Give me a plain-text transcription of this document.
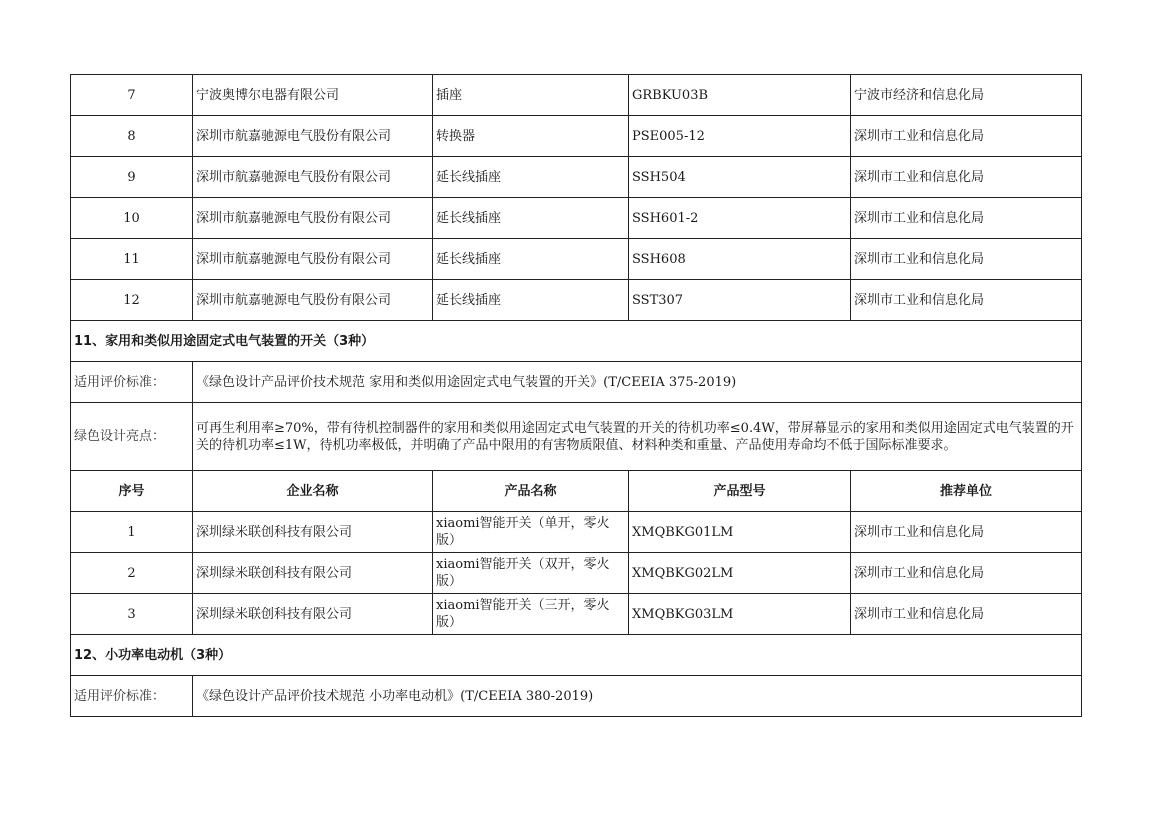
7	宁波奥博尔电器有限公司	插座	GRBKU03B	宁波市经济和信息化局
8	深圳市航嘉驰源电气股份有限公司	转换器	PSE005-12	深圳市工业和信息化局
9	深圳市航嘉驰源电气股份有限公司	延长线插座	SSH504	深圳市工业和信息化局
10	深圳市航嘉驰源电气股份有限公司	延长线插座	SSH601-2	深圳市工业和信息化局
11	深圳市航嘉驰源电气股份有限公司	延长线插座	SSH608	深圳市工业和信息化局
12	深圳市航嘉驰源电气股份有限公司	延长线插座	SST307	深圳市工业和信息化局
11、家用和类似用途固定式电气装置的开关（3种）				
适用评价标准：	《绿色设计产品评价技术规范 家用和类似用途固定式电气装置的开关》(T/CEEIA 375-2019)			
绿色设计亮点：	可再生利用率≥70%，带有待机控制器件的家用和类似用途固定式电气装置的开关的待机功率≤0.4W，带屏幕显示的家用和类似用途固定式电气装置的开关的待机功率≤1W，待机功率极低，并明确了产品中限用的有害物质限值、材料种类和重量、产品使用寿命均不低于国际标准要求。			
序号	企业名称	产品名称	产品型号	推荐单位
1	深圳绿米联创科技有限公司	xiaomi智能开关（单开，零火版）	XMQBKG01LM	深圳市工业和信息化局
2	深圳绿米联创科技有限公司	xiaomi智能开关（双开，零火版）	XMQBKG02LM	深圳市工业和信息化局
3	深圳绿米联创科技有限公司	xiaomi智能开关（三开，零火版）	XMQBKG03LM	深圳市工业和信息化局
12、小功率电动机（3种）				
适用评价标准：	《绿色设计产品评价技术规范 小功率电动机》(T/CEEIA 380-2019)			
